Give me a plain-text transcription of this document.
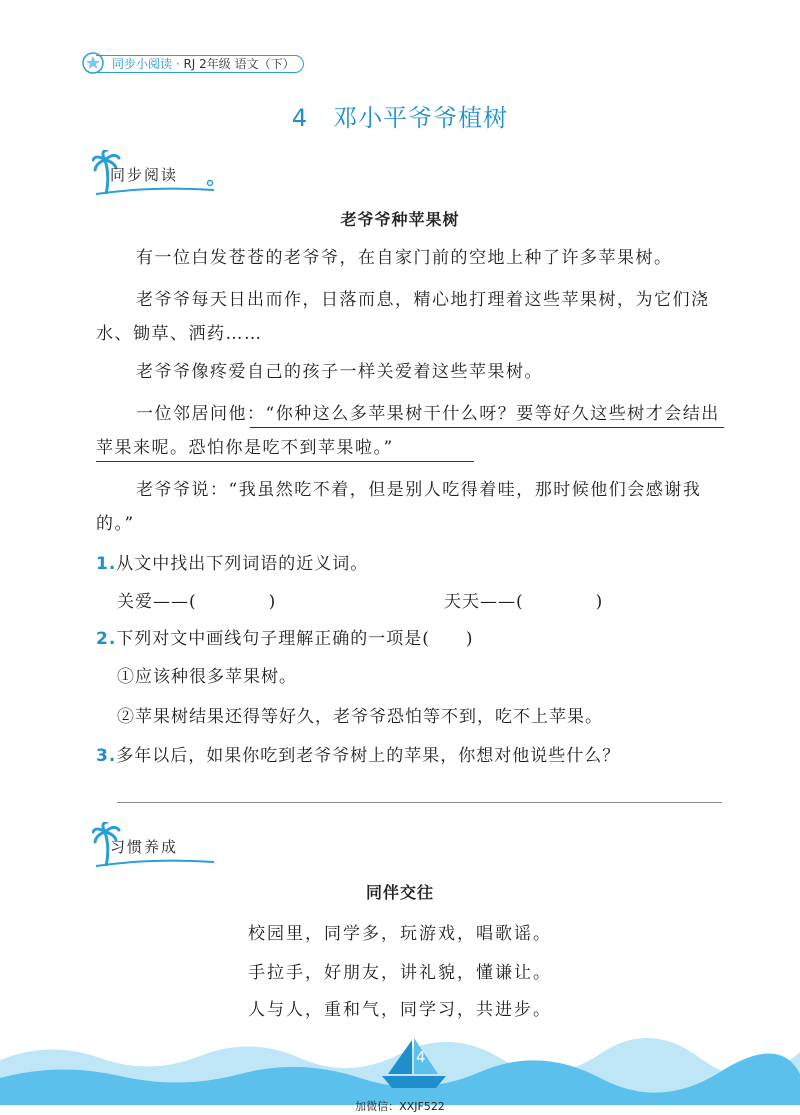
同步小阅读 · RJ 2年级 语文（下）
4　邓小平爷爷植树
同步阅读
老爷爷种苹果树
有一位白发苍苍的老爷爷，在自家门前的空地上种了许多苹果树。
老爷爷每天日出而作，日落而息，精心地打理着这些苹果树，为它们浇水、锄草、洒药……
老爷爷像疼爱自己的孩子一样关爱着这些苹果树。
一位邻居问他：“你种这么多苹果树干什么呀？要等好久这些树才会结出苹果来呢。恐怕你是吃不到苹果啦。”
老爷爷说：“我虽然吃不着，但是别人吃得着哇，那时候他们会感谢我的。”
1.从文中找出下列词语的近义词。
关爱——(　　　　)	天天——(　　　　)
2.下列对文中画线句子理解正确的一项是(　　)
①应该种很多苹果树。
②苹果树结果还得等好久，老爷爷恐怕等不到，吃不上苹果。
3.多年以后，如果你吃到老爷爷树上的苹果，你想对他说些什么？
习惯养成
同伴交往
校园里，同学多，玩游戏，唱歌谣。
手拉手，好朋友，讲礼貌，懂谦让。
人与人，重和气，同学习，共进步。
4
加微信：XXJF522
